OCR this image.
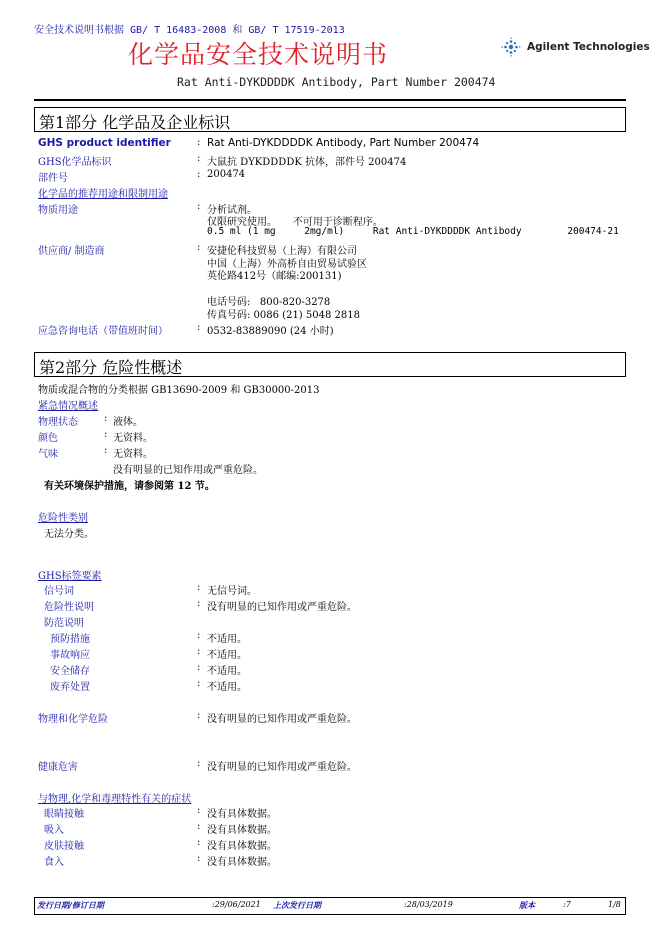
安全技术说明书根据 GB/ T 16483-2008 和 GB/ T 17519-2013
化学品安全技术说明书	Agilent Technologies
Rat Anti-DYKDDDDK Antibody, Part Number 200474
第1部分 化学品及企业标识
GHS product identifier	: Rat Anti-DYKDDDDK Antibody, Part Number 200474
GHS化学品标识	: 大鼠抗 DYKDDDDK 抗体，部件号 200474
部件号	: 200474
化学品的推荐用途和限制用途
物质用途	: 分析试剂。
仅限研究使用。     不可用于诊断程序。
0.5 ml (1 mg     2mg/ml)     Rat Anti-DYKDDDDK Antibody        200474-21
供应商/ 制造商	: 安捷伦科技贸易（上海）有限公司
中国（上海）外高桥自由贸易试验区
英伦路412号（邮编:200131)
电话号码:   800-820-3278
传真号码: 0086 (21) 5048 2818
应急咨询电话（带值班时间）	: 0532-83889090 (24 小时)
第2部分 危险性概述
物质或混合物的分类根据 GB13690-2009 和 GB30000-2013
紧急情况概述
物理状态	: 液体。
颜色	: 无资料。
气味	: 无资料。
没有明显的已知作用或严重危险。
有关环境保护措施，请参阅第 12 节。
危险性类别
无法分类。
GHS标签要素
信号词	: 无信号词。
危险性说明	: 没有明显的已知作用或严重危险。
防范说明
预防措施	: 不适用。
事故响应	: 不适用。
安全储存	: 不适用。
废弃处置	: 不适用。
物理和化学危险	: 没有明显的已知作用或严重危险。
健康危害	: 没有明显的已知作用或严重危险。
与物理,化学和毒理特性有关的症状
眼睛接触	: 没有具体数据。
吸入	: 没有具体数据。
皮肤接触	: 没有具体数据。
食入	: 没有具体数据。
发行日期/修订日期	:29/06/2021 上次发行日期	:28/03/2019	版本	:7	1/8
